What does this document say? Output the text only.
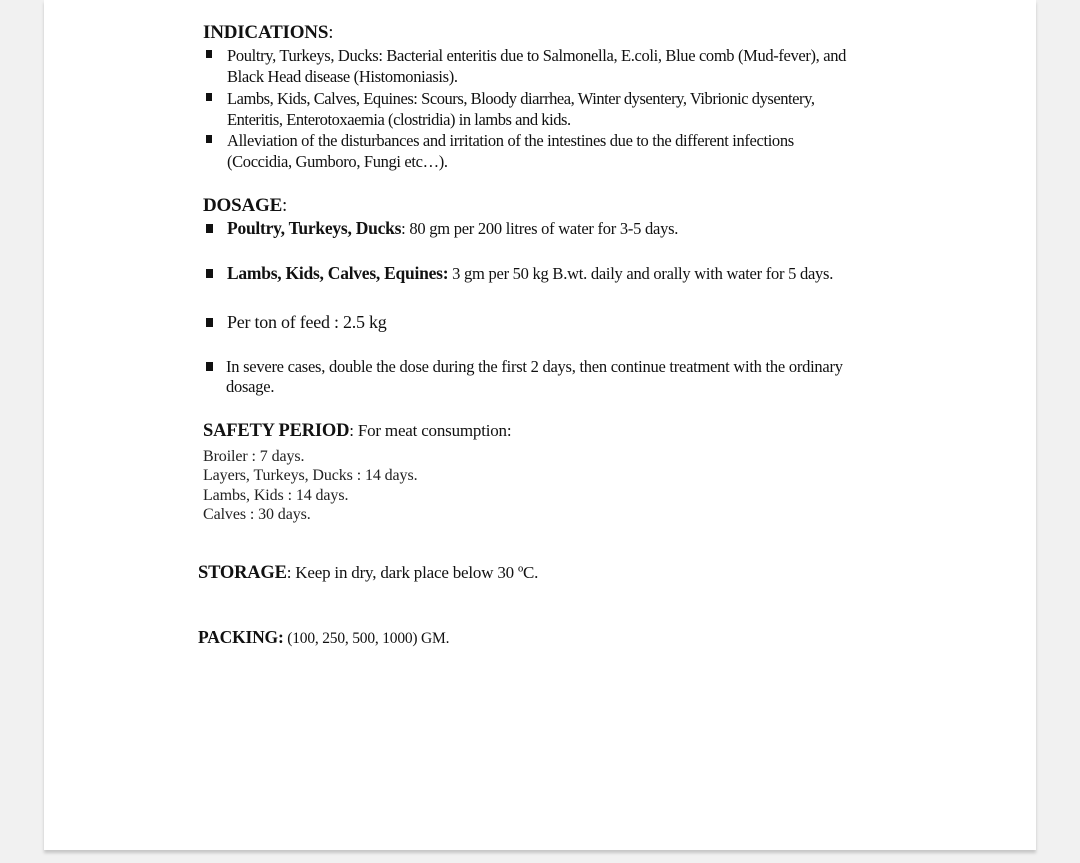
INDICATIONS:
Poultry, Turkeys, Ducks: Bacterial enteritis due to Salmonella, E.coli, Blue comb (Mud-fever), and Black Head disease (Histomoniasis).
Lambs, Kids, Calves, Equines: Scours, Bloody diarrhea, Winter dysentery, Vibrionic dysentery, Enteritis, Enterotoxaemia (clostridia) in lambs and kids.
Alleviation of the disturbances and irritation of the intestines due to the different infections (Coccidia, Gumboro, Fungi etc…).
DOSAGE:
Poultry, Turkeys, Ducks: 80 gm per 200 litres of water for 3-5 days.
Lambs, Kids, Calves, Equines: 3 gm per 50 kg B.wt. daily and orally with water for 5 days.
Per ton of feed : 2.5 kg
In severe cases, double the dose during the first 2 days, then continue treatment with the ordinary dosage.
SAFETY PERIOD: For meat consumption:
Broiler : 7 days.
Layers, Turkeys, Ducks : 14 days.
Lambs, Kids : 14 days.
Calves : 30 days.
STORAGE: Keep in dry, dark place below 30 ºC.
PACKING: (100, 250, 500, 1000) GM.
